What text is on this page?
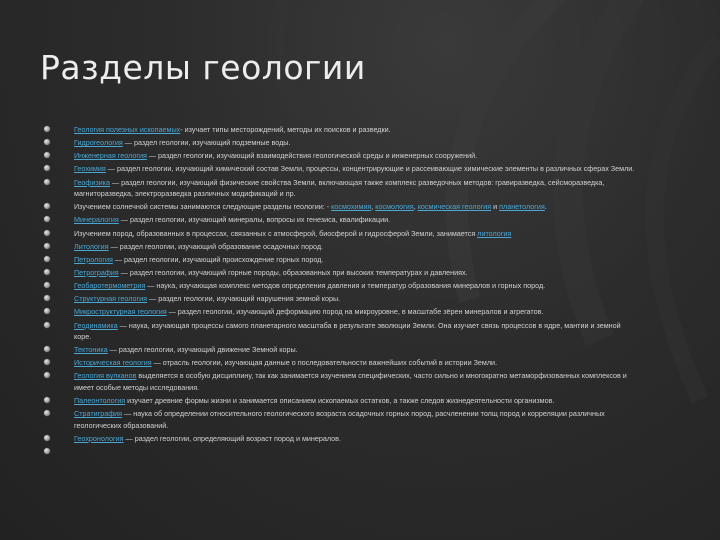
Разделы геологии
Геология полезных ископаемых- изучает типы месторождений, методы их поисков и разведки.
Гидрогеология — раздел геологии, изучающий подземные воды.
Инженерная геология — раздел геологии, изучающий взаимодействия геологической среды и инженерных сооружений.
Геохимия — раздел геологии, изучающий химический состав Земли, процессы, концентрирующие и рассеивающие химические элементы в различных сферах Земли.
Геофизика — раздел геологии, изучающий физические свойства Земли, включающая также комплекс разведочных методов: гравиразведка, сейсморазведка, магниторазведка, электроразведка различных модификаций и пр.
Изучением солнечной системы занимаются следующие разделы геологии: - космохимия, космология, космическая геология и планетология.
Минералогия — раздел геологии, изучающий минералы, вопросы их генезиса, квалификации.
Изучением пород, образованных в процессах, связанных с атмосферой, биосферой и гидросферой Земли, занимается литология
Литология — раздел геологии, изучающий образование осадочных пород.
Петрология — раздел геологии, изучающий происхождение горных пород.
Петрография — раздел геологии, изучающий горные породы, образованных при высоких температурах и давлениях.
Геобаротермометрия — наука, изучающая комплекс методов определения давления и температур образования минералов и горных пород.
Структурная геология — раздел геологии, изучающий нарушения земной коры.
Микроструктурная геология — раздел геологии, изучающий деформацию пород на микроуровне, в масштабе зёрен минералов и агрегатов.
Геодинамика — наука, изучающая процессы самого планетарного масштаба в результате эволюции Земли. Она изучает связь процессов в ядре, мантии и земной коре.
Тектоника — раздел геологии, изучающий движение Земной коры.
Историческая геология — отрасль геологии, изучающая данные о последовательности важнейших событий в истории Земли.
Геология вулканов выделяется в особую дисциплину, так как занимается изучением специфических, часто сильно и многократно метаморфизованных комплексов и имеет особые методы исследования.
Палеонтология изучает древние формы жизни и занимается описанием ископаемых остатков, а также следов жизнедеятельности организмов.
Стратиграфия — наука об определении относительного геологического возраста осадочных горных пород, расчленении толщ пород и корреляции различных геологических образований.
Геохронология — раздел геологии, определяющий возраст пород и минералов.
